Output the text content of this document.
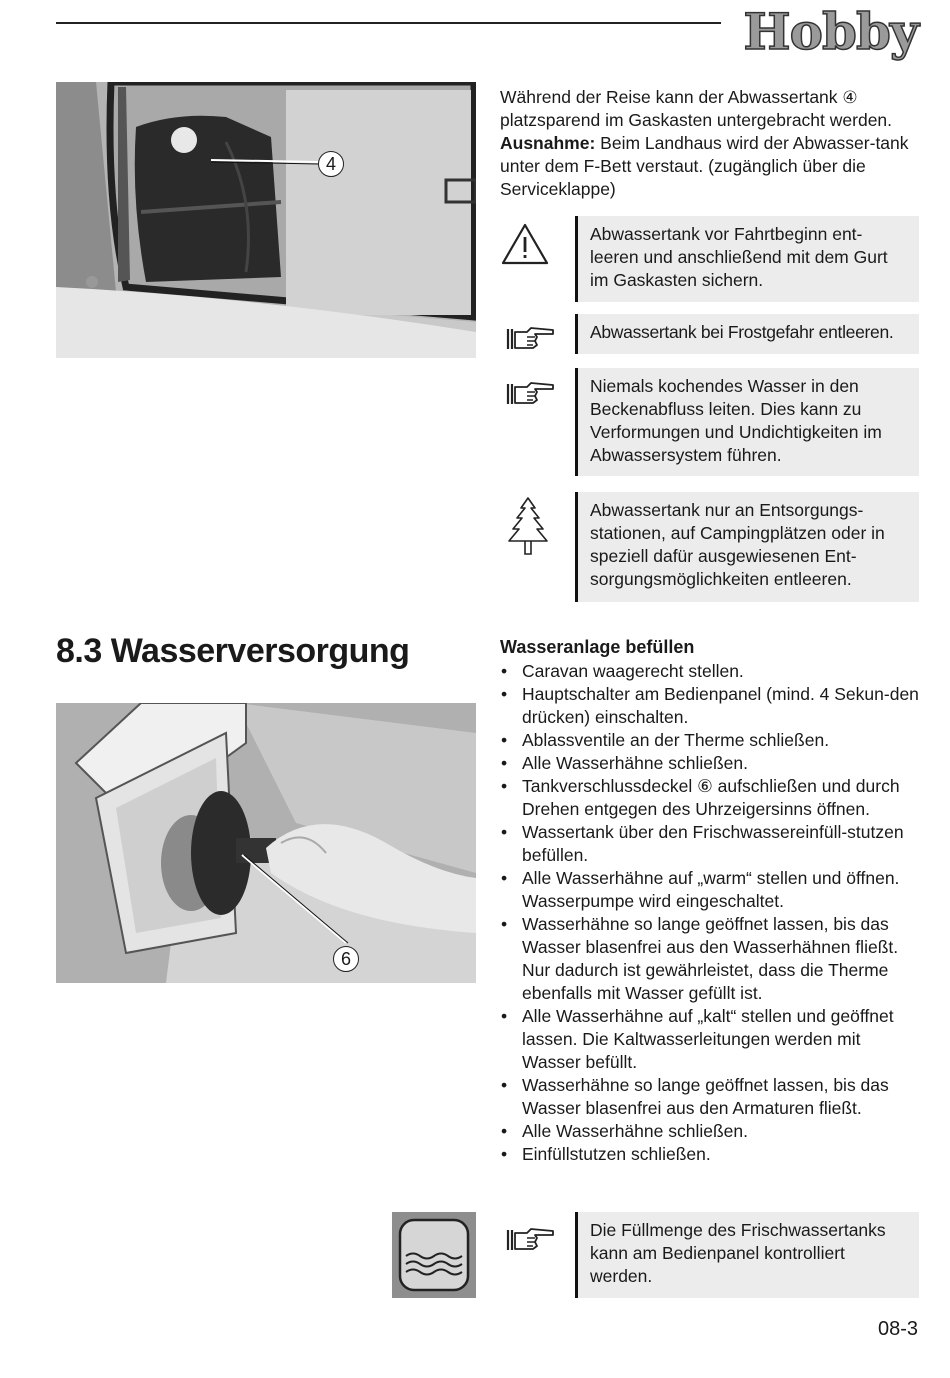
Hobby
4
Während der Reise kann der Abwassertank ④
platzsparend im Gaskasten untergebracht werden.
Ausnahme: Beim Landhaus wird der Abwasser-tank unter dem F-Bett verstaut. (zugänglich über die Serviceklappe)
Abwassertank vor Fahrtbeginn ent-leeren und anschließend mit dem Gurt im Gaskasten sichern.
Abwassertank bei Frostgefahr entleeren.
Niemals kochendes Wasser in den Beckenabfluss leiten. Dies kann zu Verformungen und Undichtigkeiten im Abwassersystem führen.
Abwassertank nur an Entsorgungs-stationen, auf Campingplätzen oder in speziell dafür ausgewiesenen Ent-sorgungsmöglichkeiten entleeren.
8.3 Wasserversorgung
6
Wasseranlage befüllen
• Caravan waagerecht stellen.
• Hauptschalter am Bedienpanel (mind. 4 Sekun-den drücken) einschalten.
• Ablassventile an der Therme schließen.
• Alle Wasserhähne schließen.
• Tankverschlussdeckel ⑥ aufschließen und durch Drehen entgegen des Uhrzeigersinns öffnen.
• Wassertank über den Frischwassereinfüll-stutzen befüllen.
• Alle Wasserhähne auf „warm“ stellen und öffnen. Wasserpumpe wird eingeschaltet.
• Wasserhähne so lange geöffnet lassen, bis das Wasser blasenfrei aus den Wasserhähnen fließt. Nur dadurch ist gewährleistet, dass die Therme ebenfalls mit Wasser gefüllt ist.
• Alle Wasserhähne auf „kalt“ stellen und geöffnet lassen. Die Kaltwasserleitungen werden mit Wasser befüllt.
• Wasserhähne so lange geöffnet lassen, bis das Wasser blasenfrei aus den Armaturen fließt.
• Alle Wasserhähne schließen.
• Einfüllstutzen schließen.
Die Füllmenge des Frischwassertanks kann am Bedienpanel kontrolliert werden.
08-3
